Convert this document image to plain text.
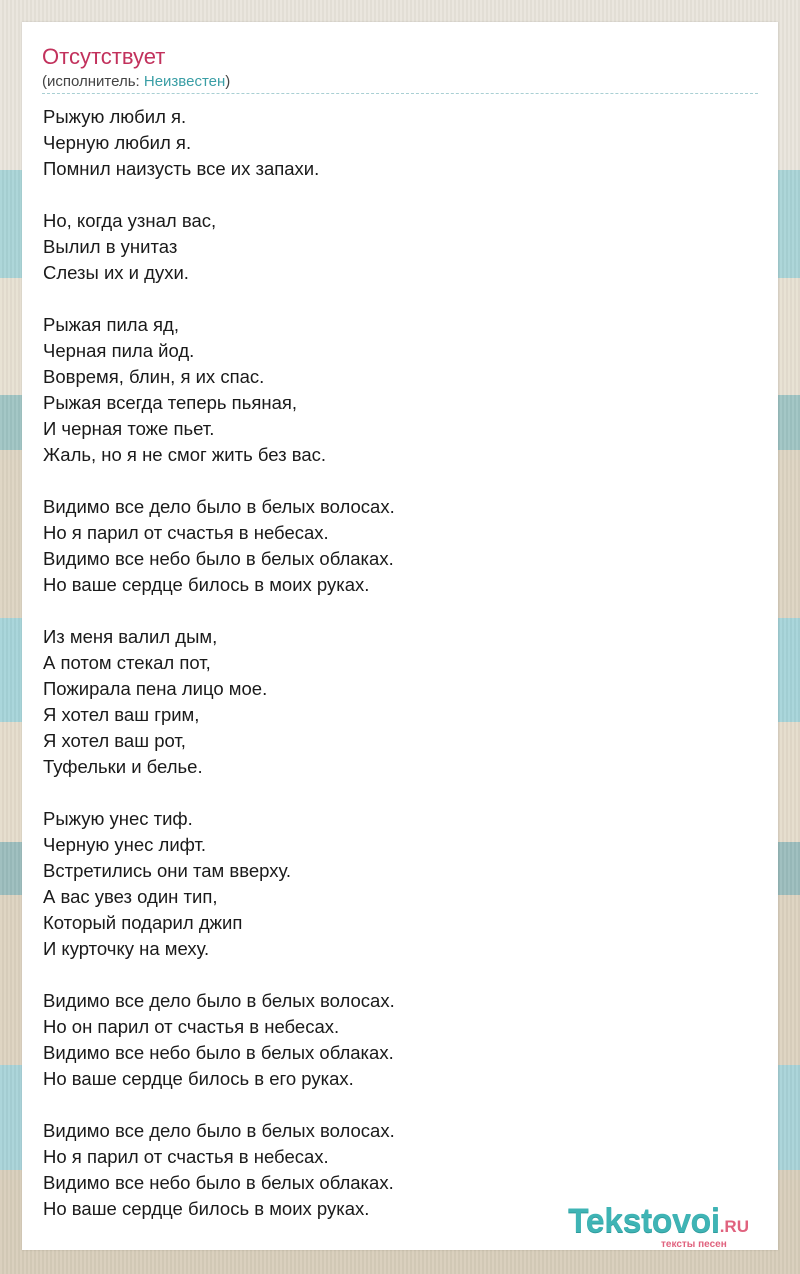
Отсутствует
(исполнитель: Неизвестен)
Рыжую любил я.
Черную любил я.
Помнил наизусть все их запахи.
Но, когда узнал вас,
Вылил в унитаз
Слезы их и духи.
Рыжая пила яд,
Черная пила йод.
Вовремя, блин, я их спас.
Рыжая всегда теперь пьяная,
И черная тоже пьет.
Жаль, но я не смог жить без вас.
Видимо все дело было в белых волосах.
Но я парил от счастья в небесах.
Видимо все небо было в белых облаках.
Но ваше сердце билось в моих руках.
Из меня валил дым,
А потом стекал пот,
Пожирала пена лицо мое.
Я хотел ваш грим,
Я хотел ваш рот,
Туфельки и белье.
Рыжую унес тиф.
Черную унес лифт.
Встретились они там вверху.
А вас увез один тип,
Который подарил джип
И курточку на меху.
Видимо все дело было в белых волосах.
Но он парил от счастья в небесах.
Видимо все небо было в белых облаках.
Но ваше сердце билось в его руках.
Видимо все дело было в белых волосах.
Но я парил от счастья в небесах.
Видимо все небо было в белых облаках.
Но ваше сердце билось в моих руках.	Tekstovoi.RU
тексты песен
